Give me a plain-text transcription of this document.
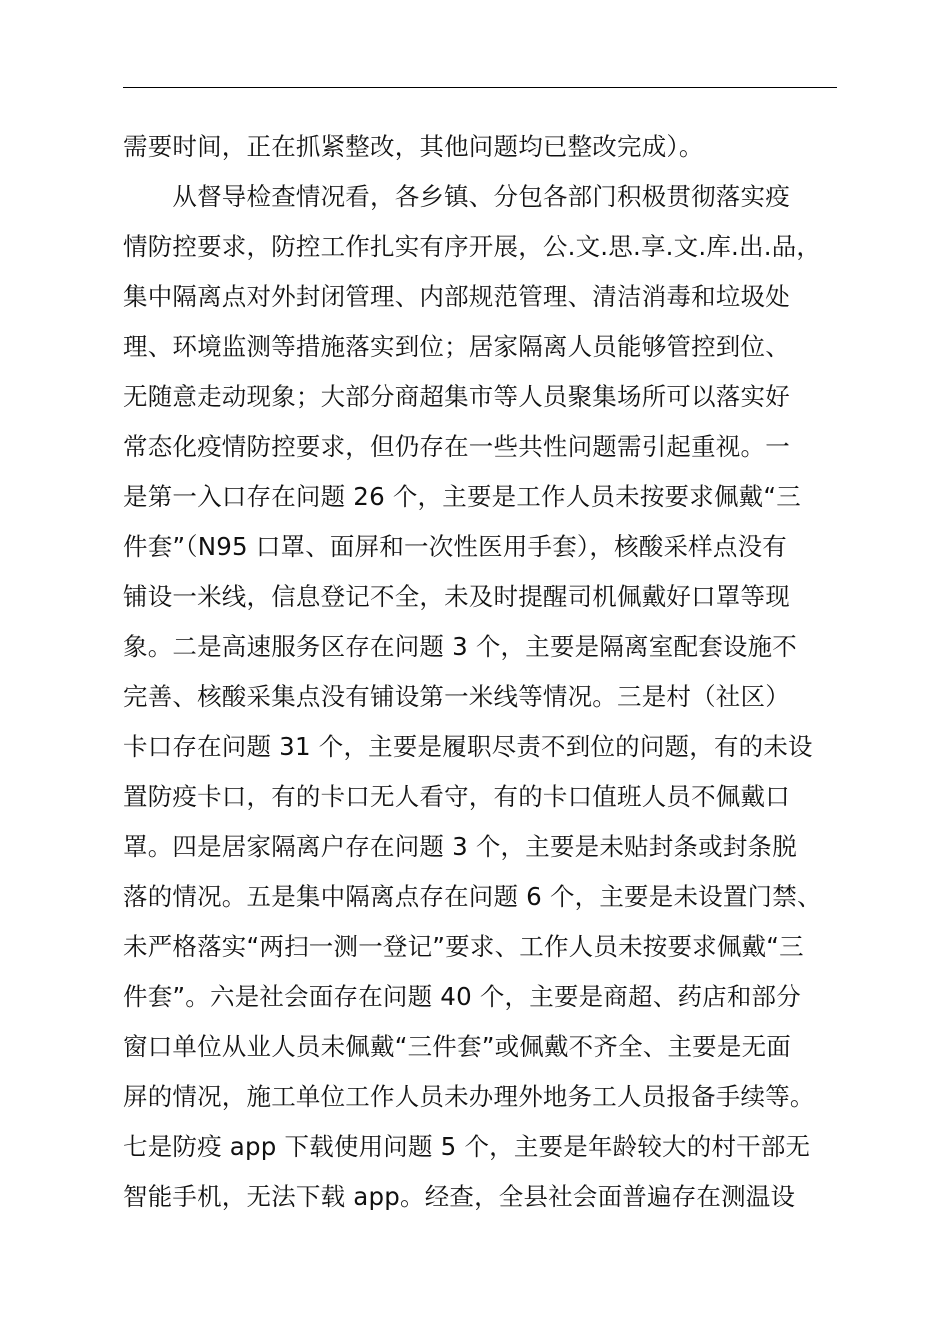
需要时间，正在抓紧整改，其他问题均已整改完成）。
　　从督导检查情况看，各乡镇、分包各部门积极贯彻落实疫
情防控要求，防控工作扎实有序开展，公.文.思.享.文.库.出.品，
集中隔离点对外封闭管理、内部规范管理、清洁消毒和垃圾处
理、环境监测等措施落实到位；居家隔离人员能够管控到位、
无随意走动现象；大部分商超集市等人员聚集场所可以落实好
常态化疫情防控要求，但仍存在一些共性问题需引起重视。一
是第一入口存在问题 26 个，主要是工作人员未按要求佩戴“三
件套”（N95 口罩、面屏和一次性医用手套），核酸采样点没有
铺设一米线，信息登记不全，未及时提醒司机佩戴好口罩等现
象。二是高速服务区存在问题 3 个，主要是隔离室配套设施不
完善、核酸采集点没有铺设第一米线等情况。三是村（社区）
卡口存在问题 31 个，主要是履职尽责不到位的问题，有的未设
置防疫卡口，有的卡口无人看守，有的卡口值班人员不佩戴口
罩。四是居家隔离户存在问题 3 个，主要是未贴封条或封条脱
落的情况。五是集中隔离点存在问题 6 个，主要是未设置门禁、
未严格落实“两扫一测一登记”要求、工作人员未按要求佩戴“三
件套”。六是社会面存在问题 40 个，主要是商超、药店和部分
窗口单位从业人员未佩戴“三件套”或佩戴不齐全、主要是无面
屏的情况，施工单位工作人员未办理外地务工人员报备手续等。
七是防疫 app 下载使用问题 5 个，主要是年龄较大的村干部无
智能手机，无法下载 app。经查，全县社会面普遍存在测温设
